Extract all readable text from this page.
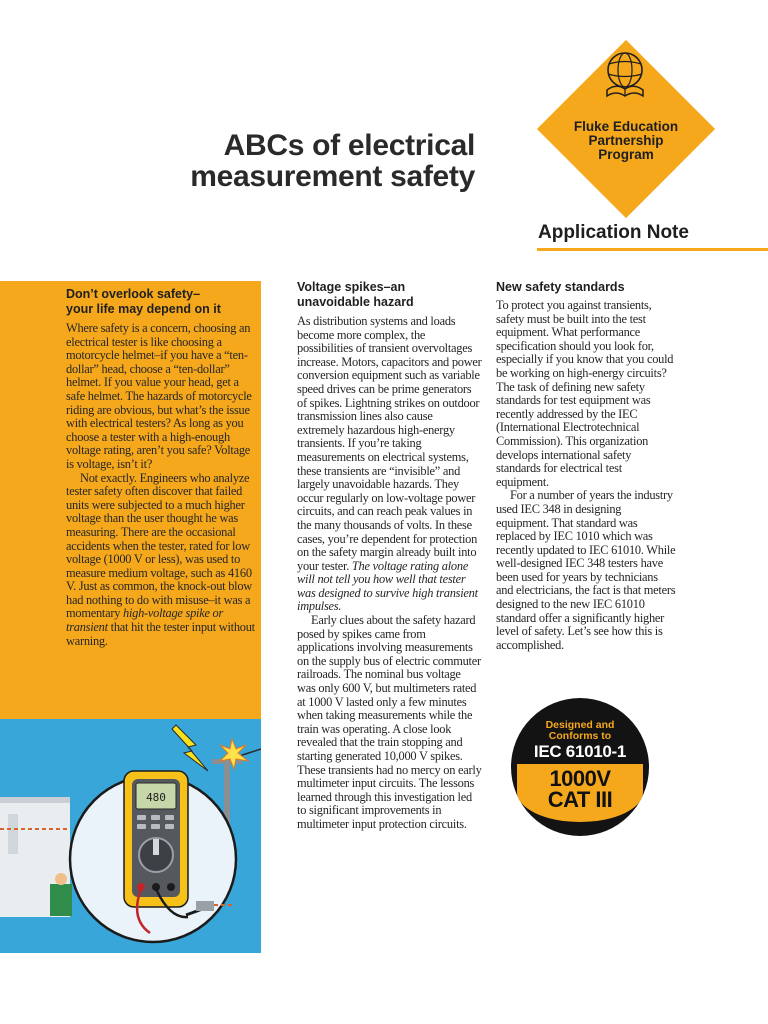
ABCs of electrical
measurement safety
Fluke Education
Partnership
Program
Application Note
Don’t overlook safety–
your life may depend on it

Where safety is a concern, choosing an electrical tester is like choosing a motorcycle helmet–if you have a “ten-dollar” head, choose a “ten-dollar” helmet. If you value your head, get a safe helmet. The hazards of motorcycle riding are obvious, but what’s the issue with electrical testers? As long as you choose a tester with a high-enough voltage rating, aren’t you safe? Voltage is voltage, isn’t it?

Not exactly. Engineers who analyze tester safety often discover that failed units were subjected to a much higher voltage than the user thought he was measuring. There are the occasional accidents when the tester, rated for low voltage (1000 V or less), was used to measure medium voltage, such as 4160 V. Just as common, the knock-out blow had nothing to do with misuse–it was a momentary high-voltage spike or transient that hit the tester input without warning.

480
Voltage spikes–an
unavoidable hazard

As distribution systems and loads become more complex, the possibilities of transient overvoltages increase. Motors, capacitors and power conversion equipment such as variable speed drives can be prime generators of spikes. Lightning strikes on outdoor transmission lines also cause extremely hazardous high-energy transients. If you’re taking measurements on electrical systems, these transients are “invisible” and largely unavoidable hazards. They occur regularly on low-voltage power circuits, and can reach peak values in the many thousands of volts. In these cases, you’re dependent for protection on the safety margin already built into your tester. The voltage rating alone will not tell you how well that tester was designed to survive high transient impulses.

Early clues about the safety hazard posed by spikes came from applications involving measurements on the supply bus of electric commuter railroads. The nominal bus voltage was only 600 V, but multimeters rated at 1000 V lasted only a few minutes when taking measurements while the train was operating. A close look revealed that the train stopping and starting generated 10,000 V spikes. These transients had no mercy on early multimeter input circuits. The lessons learned through this investigation led to significant improvements in multimeter input protection circuits.

New safety standards

To protect you against transients, safety must be built into the test equipment. What performance specification should you look for, especially if you know that you could be working on high-energy circuits? The task of defining new safety standards for test equipment was recently addressed by the IEC (International Electrotechnical Commission). This organization develops international safety standards for electrical test equipment.

For a number of years the industry used IEC 348 in designing equipment. That standard was replaced by IEC 1010 which was recently updated to IEC 61010. While well-designed IEC 348 testers have been used for years by technicians and electricians, the fact is that meters designed to the new IEC 61010 standard offer a significantly higher level of safety. Let’s see how this is accomplished.

Designed and
Conforms to
IEC 61010-1
1000V
CAT III
